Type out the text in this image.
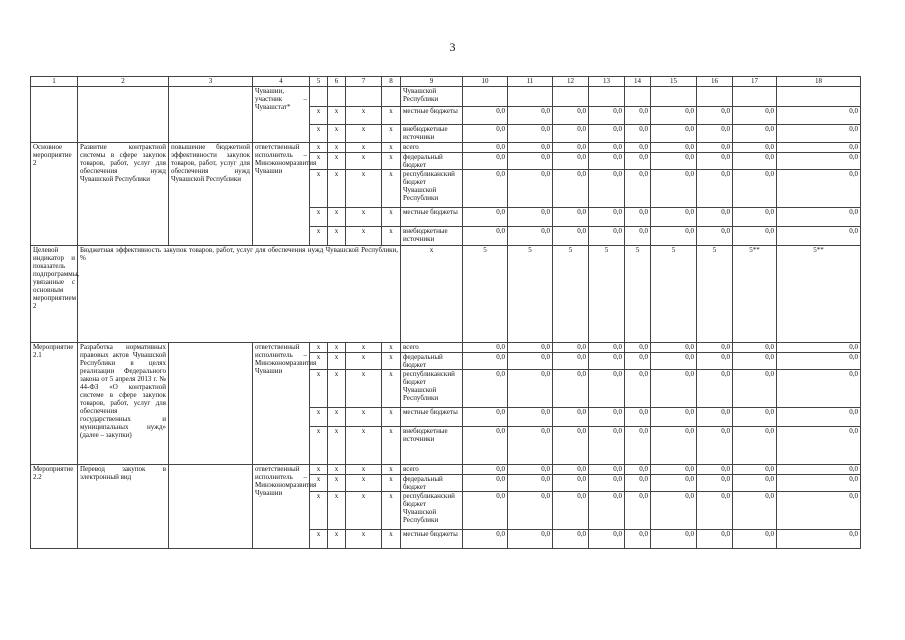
3
1	2	3	4	5	6	7	8	9	10	11	12	13	14	15	16	17	18
			Чувашии, участник – Чувашстат*					Чувашской Республики									
				x	x	x	x	местные бюджеты	0,0	0,0	0,0	0,0	0,0	0,0	0,0	0,0	0,0
				x	x	x	x	внебюджетные источники	0,0	0,0	0,0	0,0	0,0	0,0	0,0	0,0	0,0
Основное мероприятие 2	Развитие контрактной системы в сфере закупок товаров, работ, услуг для обеспечения нужд Чувашской Республики	повышение бюджетной эффективности закупок товаров, работ, услуг для обеспечения нужд Чувашской Республики	ответственный исполнитель – Минэкономразвития Чувашии	x	x	x	x	всего	0,0	0,0	0,0	0,0	0,0	0,0	0,0	0,0	0,0
				x	x	x	x	федеральный бюджет	0,0	0,0	0,0	0,0	0,0	0,0	0,0	0,0	0,0
				x	x	x	x	республиканский бюджет Чувашской Республики	0,0	0,0	0,0	0,0	0,0	0,0	0,0	0,0	0,0
				x	x	x	x	местные бюджеты	0,0	0,0	0,0	0,0	0,0	0,0	0,0	0,0	0,0
				x	x	x	x	внебюджетные источники	0,0	0,0	0,0	0,0	0,0	0,0	0,0	0,0	0,0
Целевой индикатор и показатель подпрограммы, увязанные с основным мероприятием 2	Бюджетная эффективность закупок товаров, работ, услуг для обеспечения нужд Чувашской Республики, %							x	5	5	5	5	5	5	5	5**	5**
Мероприятие 2.1	Разработка нормативных правовых актов Чувашской Республики в целях реализации Федерального закона от 5 апреля 2013 г. № 44-ФЗ «О контрактной системе в сфере закупок товаров, работ, услуг для обеспечения государственных и муниципальных нужд» (далее – закупки)		ответственный исполнитель – Минэкономразвития Чувашии	x	x	x	x	всего	0,0	0,0	0,0	0,0	0,0	0,0	0,0	0,0	0,0
				x	x	x	x	федеральный бюджет	0,0	0,0	0,0	0,0	0,0	0,0	0,0	0,0	0,0
				x	x	x	x	республиканский бюджет Чувашской Республики	0,0	0,0	0,0	0,0	0,0	0,0	0,0	0,0	0,0
				x	x	x	x	местные бюджеты	0,0	0,0	0,0	0,0	0,0	0,0	0,0	0,0	0,0
				x	x	x	x	внебюджетные источники	0,0	0,0	0,0	0,0	0,0	0,0	0,0	0,0	0,0
Мероприятие 2.2	Перевод закупок в электронный вид		ответственный исполнитель – Минэкономразвития Чувашии	x	x	x	x	всего	0,0	0,0	0,0	0,0	0,0	0,0	0,0	0,0	0,0
				x	x	x	x	федеральный бюджет	0,0	0,0	0,0	0,0	0,0	0,0	0,0	0,0	0,0
				x	x	x	x	республиканский бюджет Чувашской Республики	0,0	0,0	0,0	0,0	0,0	0,0	0,0	0,0	0,0
				x	x	x	x	местные бюджеты	0,0	0,0	0,0	0,0	0,0	0,0	0,0	0,0	0,0
